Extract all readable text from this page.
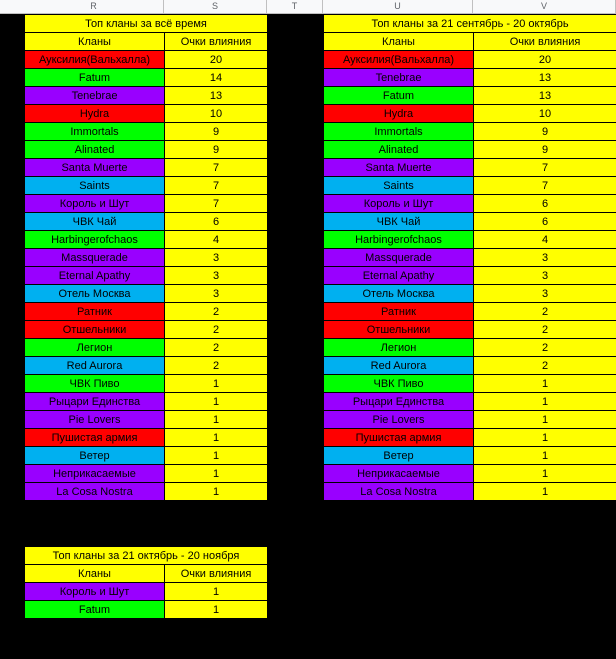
R	S	T	U	V
Топ кланы за всё время	
Кланы	Очки влияния
Аукcилия(Вальхалла)	20
Fatum	14
Tenebrae	13
Hydra	10
Immortals	9
Alinated	9
Santa Muerte	7
Saints	7
Король и Шут	7
ЧВК Чай	6
Harbingerofchaos	4
Massquerade	3
Eternal Apathy	3
Отель Москва	3
Ратник	2
Отшельники	2
Легион	2
Red Aurora	2
ЧВК Пиво	1
Рыцари Единства	1
Pie Lovers	1
Пушистая армия	1
Ветер	1
Неприкасаемые	1
La Cosa Nostra	1
Топ кланы за 21 сентябрь - 20 октябрь	
Кланы	Очки влияния
Аукcилия(Вальхалла)	20
Tenebrae	13
Fatum	13
Hydra	10
Immortals	9
Alinated	9
Santa Muerte	7
Saints	7
Король и Шут	6
ЧВК Чай	6
Harbingerofchaos	4
Massquerade	3
Eternal Apathy	3
Отель Москва	3
Ратник	2
Отшельники	2
Легион	2
Red Aurora	2
ЧВК Пиво	1
Рыцари Единства	1
Pie Lovers	1
Пушистая армия	1
Ветер	1
Неприкасаемые	1
La Cosa Nostra	1
Топ кланы за 21 октябрь - 20 ноября	
Кланы	Очки влияния
Король и Шут	1
Fatum	1
